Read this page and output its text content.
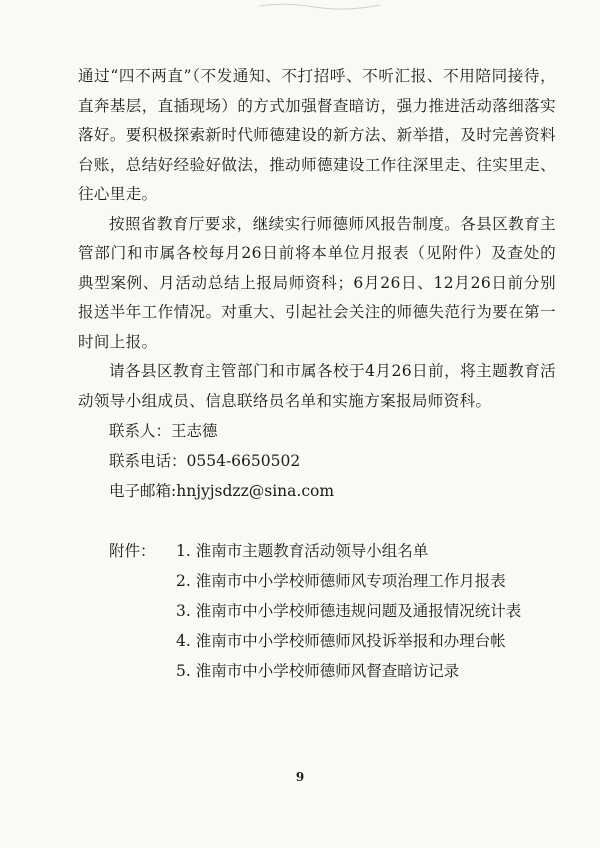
通过“四不两直”（不发通知、不打招呼、不听汇报、不用陪同接待，直奔基层，直插现场）的方式加强督查暗访，强力推进活动落细落实落好。要积极探索新时代师德建设的新方法、新举措，及时完善资料台账，总结好经验好做法，推动师德建设工作往深里走、往实里走、往心里走。

按照省教育厅要求，继续实行师德师风报告制度。各县区教育主管部门和市属各校每月26日前将本单位月报表（见附件）及查处的典型案例、月活动总结上报局师资科；6月26日、12月26日前分别报送半年工作情况。对重大、引起社会关注的师德失范行为要在第一时间上报。

请各县区教育主管部门和市属各校于4月26日前，将主题教育活动领导小组成员、信息联络员名单和实施方案报局师资科。

联系人：王志德
联系电话：0554-6650502
电子邮箱:hnjyjsdzz@sina.com
附件：	1. 淮南市主题教育活动领导小组名单
2. 淮南市中小学校师德师风专项治理工作月报表
3. 淮南市中小学校师德违规问题及通报情况统计表
4. 淮南市中小学校师德师风投诉举报和办理台帐
5. 淮南市中小学校师德师风督查暗访记录
9
